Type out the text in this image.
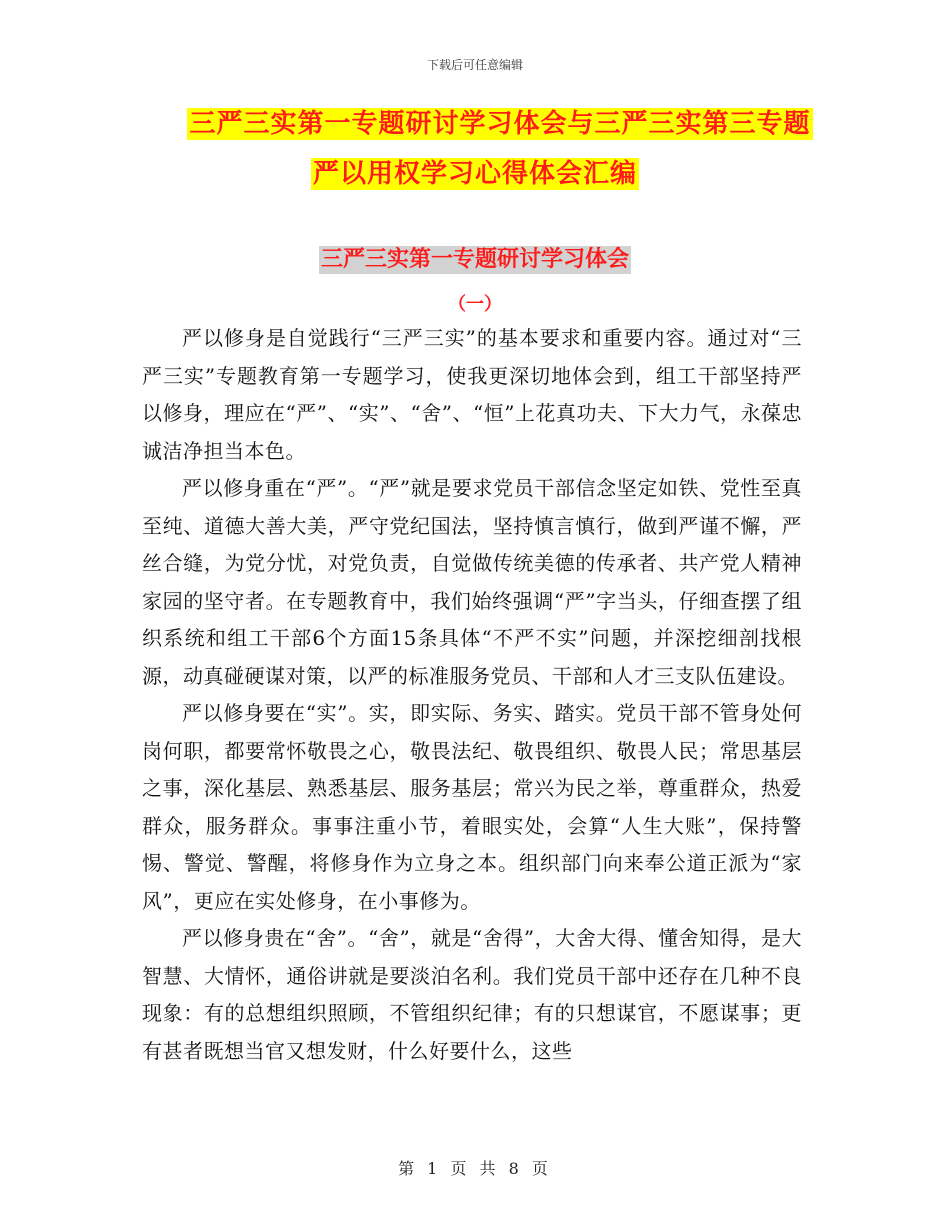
下载后可任意编辑
三严三实第一专题研讨学习体会与三严三实第三专题
严以用权学习心得体会汇编
三严三实第一专题研讨学习体会
（一）

严以修身是自觉践行“三严三实”的基本要求和重要内容。通过对“三严三实”专题教育第一专题学习，使我更深切地体会到，组工干部坚持严以修身，理应在“严”、“实”、“舍”、“恒”上花真功夫、下大力气，永葆忠诚洁净担当本色。

严以修身重在“严”。“严”就是要求党员干部信念坚定如铁、党性至真至纯、道德大善大美，严守党纪国法，坚持慎言慎行，做到严谨不懈，严丝合缝，为党分忧，对党负责，自觉做传统美德的传承者、共产党人精神家园的坚守者。在专题教育中，我们始终强调“严”字当头，仔细查摆了组织系统和组工干部6个方面15条具体“不严不实”问题，并深挖细剖找根源，动真碰硬谋对策，以严的标准服务党员、干部和人才三支队伍建设。

严以修身要在“实”。实，即实际、务实、踏实。党员干部不管身处何岗何职，都要常怀敬畏之心，敬畏法纪、敬畏组织、敬畏人民；常思基层之事，深化基层、熟悉基层、服务基层；常兴为民之举，尊重群众，热爱群众，服务群众。事事注重小节，着眼实处，会算“人生大账”，保持警惕、警觉、警醒，将修身作为立身之本。组织部门向来奉公道正派为“家风”，更应在实处修身，在小事修为。

严以修身贵在“舍”。“舍”，就是“舍得”，大舍大得、懂舍知得，是大智慧、大情怀，通俗讲就是要淡泊名利。我们党员干部中还存在几种不良现象：有的总想组织照顾，不管组织纪律；有的只想谋官，不愿谋事；更有甚者既想当官又想发财，什么好要什么，这些

第 1 页 共 8 页
